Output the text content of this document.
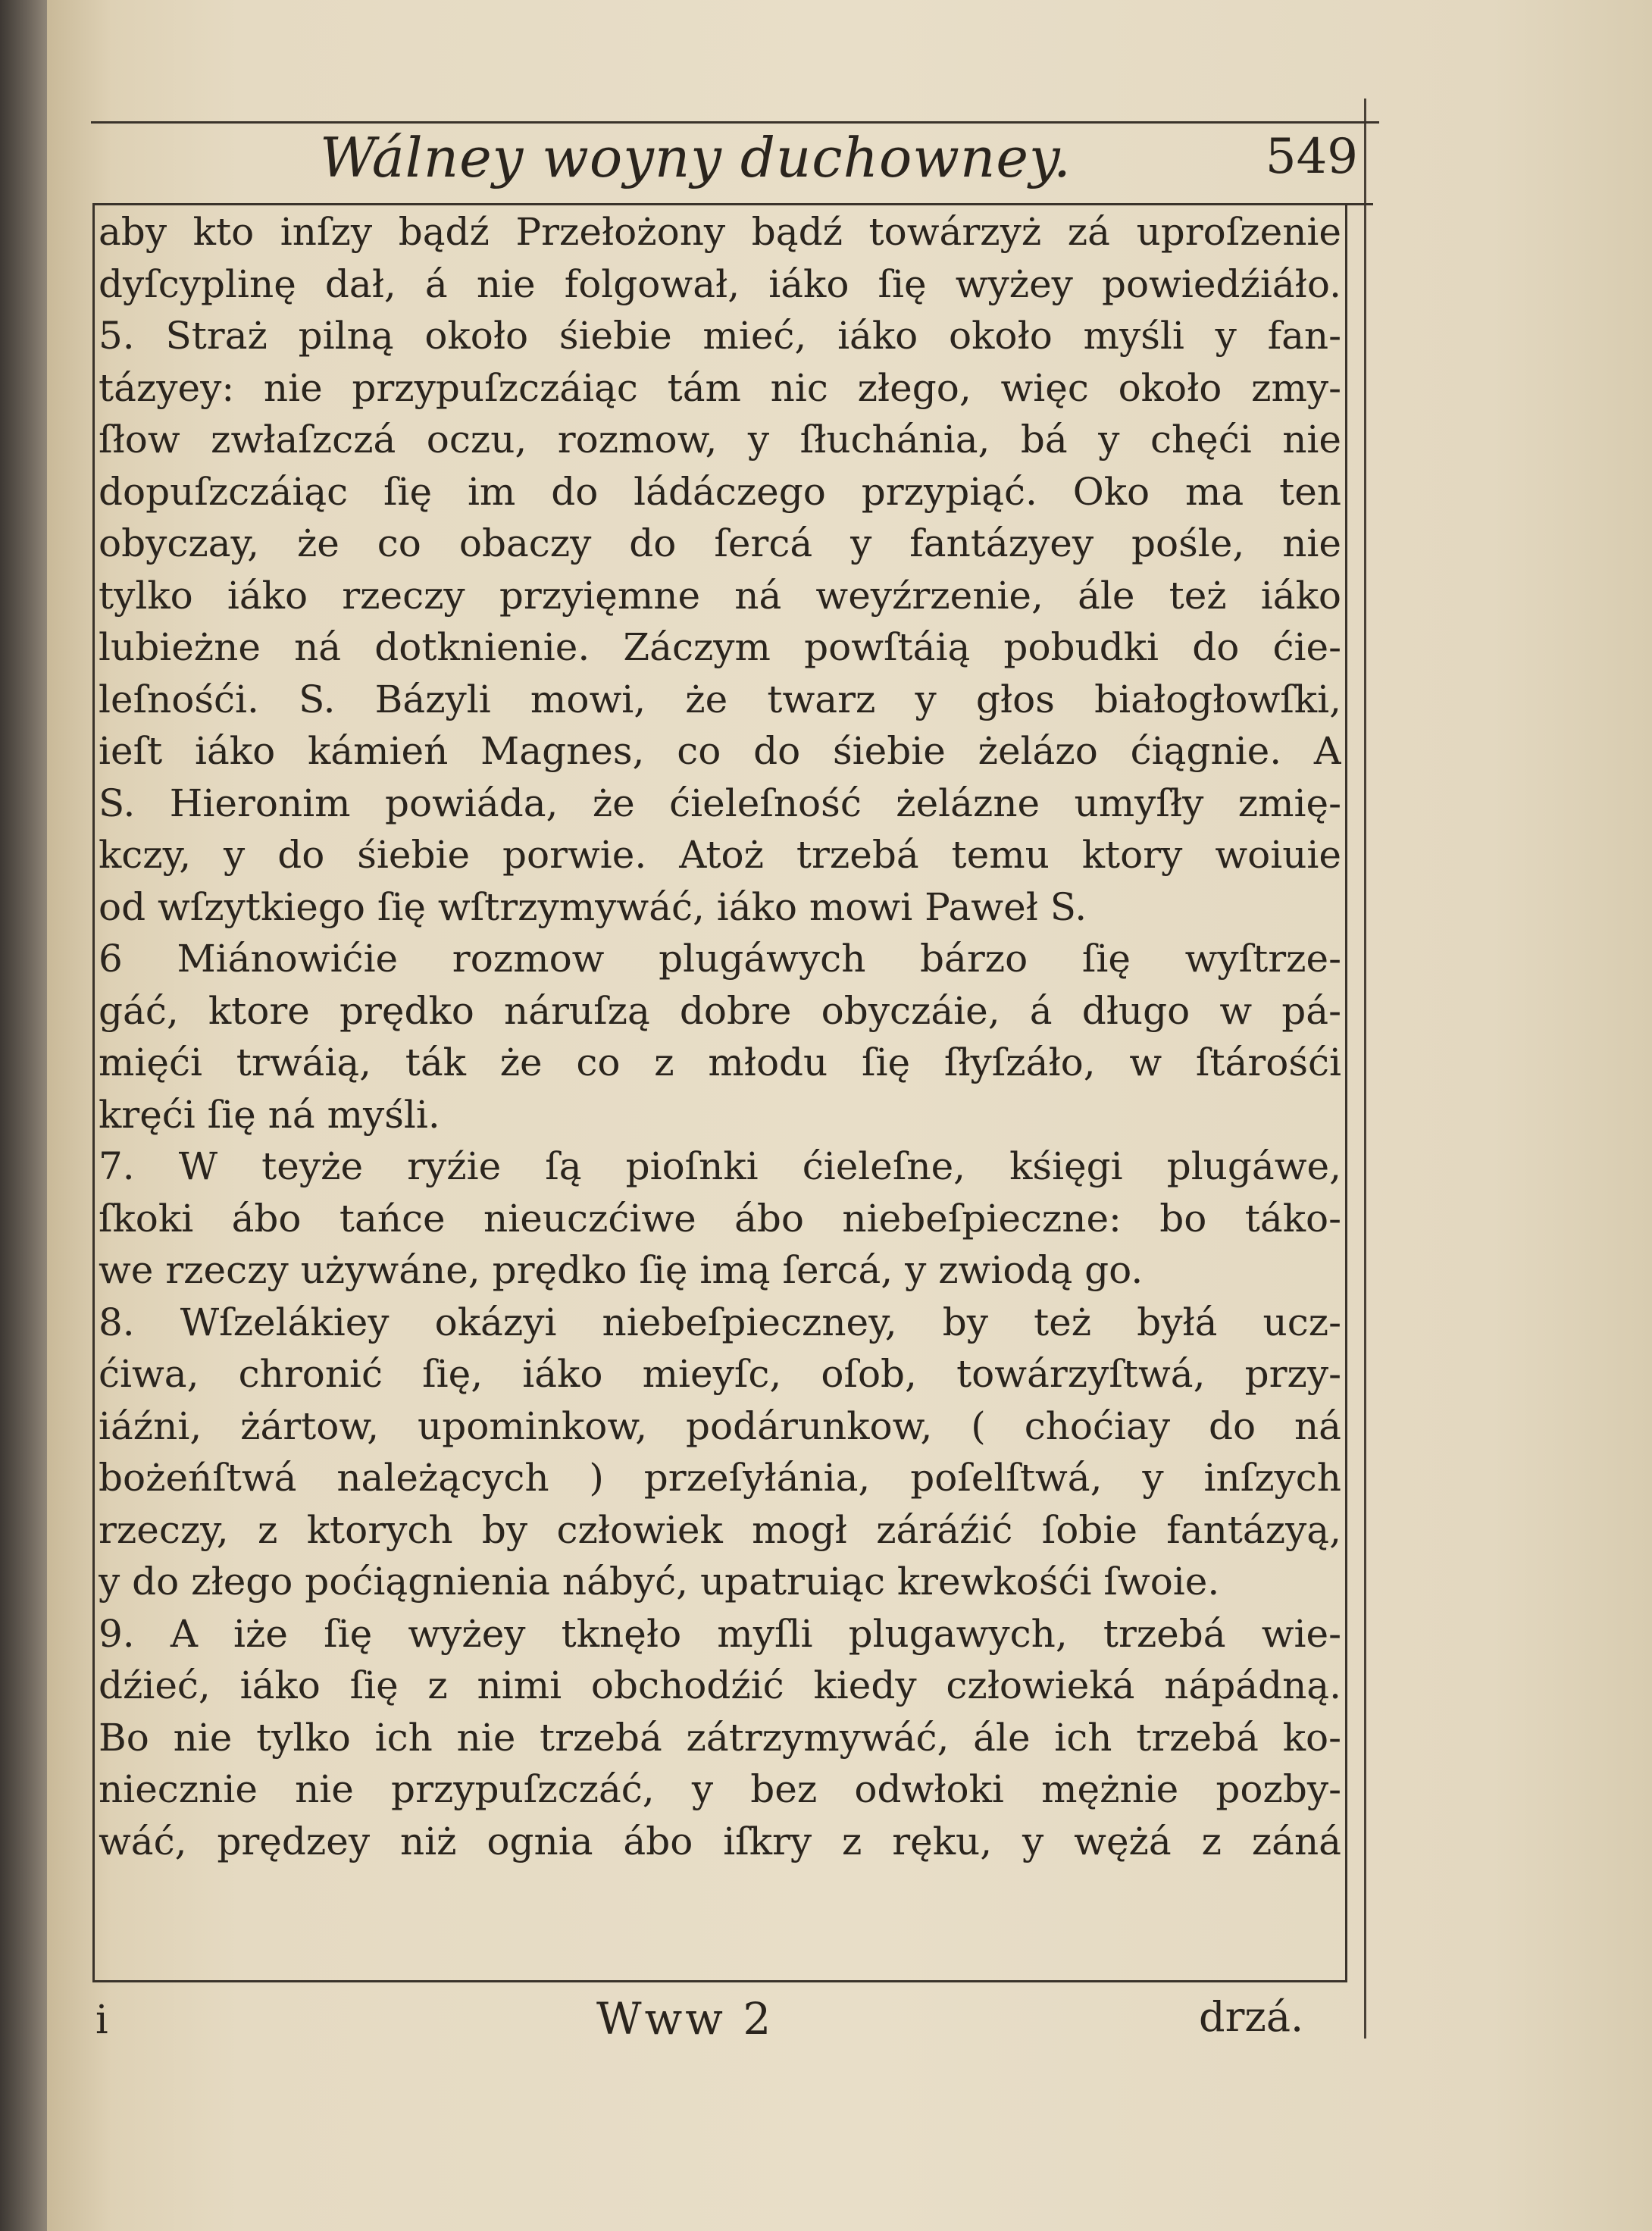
Wálney woyny duchowney.	549
aby kto inſzy bądź Przełożony bądź towárzyż zá uproſzenie
dyſcyplinę dał, á nie folgował, iáko ſię wyżey powiedźiáło.
5. Straż pilną około śiebie mieć, iáko około myśli y fan-
tázyey: nie przypuſzczáiąc tám nic złego, więc około zmy-
ſłow zwłaſzczá oczu, rozmow, y ſłuchánia, bá y chęći nie
dopuſzczáiąc ſię im do ládáczego przypiąć. Oko ma ten
obyczay, że co obaczy do ſercá y fantázyey pośle, nie
tylko iáko rzeczy przyięmne ná weyźrzenie, ále też iáko
lubieżne ná dotknienie. Záczym powſtáią pobudki do ćie-
leſnośći. S. Bázyli mowi, że twarz y głos białogłowſki,
ieſt iáko kámień Magnes, co do śiebie żelázo ćiągnie. A
S. Hieronim powiáda, że ćieleſność żelázne umyſły zmię-
kczy, y do śiebie porwie. Atoż trzebá temu ktory woiuie
od wſzytkiego ſię wſtrzymywáć, iáko mowi Paweł S.
6 Miánowićie rozmow plugáwych bárzo ſię wyſtrze-
gáć, ktore prędko náruſzą dobre obyczáie, á długo w pá-
mięći trwáią, ták że co z młodu ſię ſłyſzáło, w ſtárośći
kręći ſię ná myśli.
7. W teyże ryźie ſą pioſnki ćieleſne, kśięgi plugáwe,
ſkoki ábo tańce nieuczćiwe ábo niebeſpieczne: bo táko-
we rzeczy używáne, prędko ſię imą ſercá, y zwiodą go.
8. Wſzelákiey okázyi niebeſpieczney, by też byłá ucz-
ćiwa, chronić ſię, iáko mieyſc, oſob, towárzyſtwá, przy-
iáźni, żártow, upominkow, podárunkow, ( choćiay do ná
bożeńſtwá należących ) przeſyłánia, poſelſtwá, y inſzych
rzeczy, z ktorych by człowiek mogł záráźić ſobie fantázyą,
y do złego poćiągnienia nábyć, upatruiąc krewkośći ſwoie.
9. A iże ſię wyżey tknęło myſli plugawych, trzebá wie-
dźieć, iáko ſię z nimi obchodźić kiedy człowieká nápádną.
Bo nie tylko ich nie trzebá zátrzymywáć, ále ich trzebá ko-
niecznie nie przypuſzczáć, y bez odwłoki mężnie pozby-
wáć, prędzey niż ognia ábo iſkry z ręku, y wężá z záná
i	Www 2	drzá.
